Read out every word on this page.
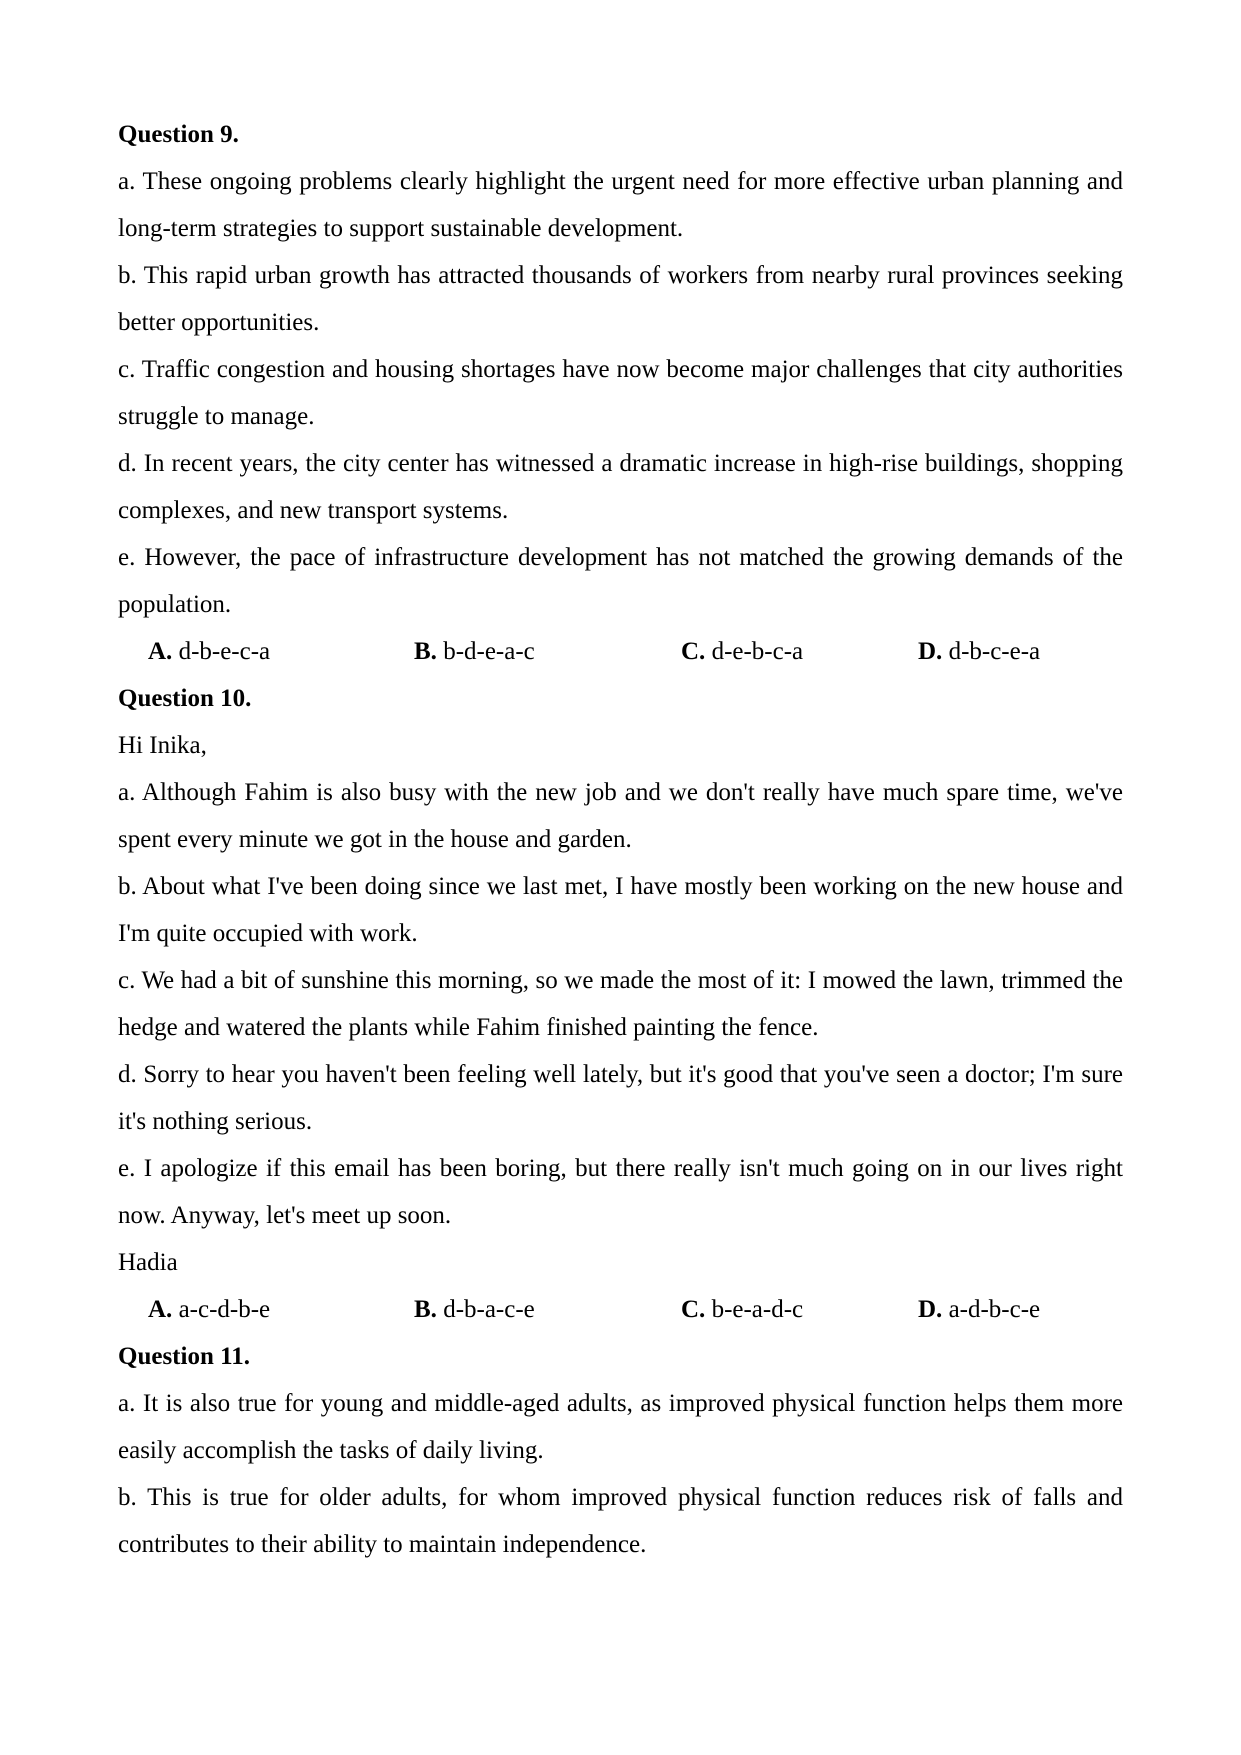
Question 9.
a. These ongoing problems clearly highlight the urgent need for more effective urban planning and long-term strategies to support sustainable development.
b. This rapid urban growth has attracted thousands of workers from nearby rural provinces seeking better opportunities.
c. Traffic congestion and housing shortages have now become major challenges that city authorities struggle to manage.
d. In recent years, the city center has witnessed a dramatic increase in high-rise buildings, shopping complexes, and new transport systems.
e. However, the pace of infrastructure development has not matched the growing demands of the population.
A. d-b-e-c-a	B. b-d-e-a-c	C. d-e-b-c-a	D. d-b-c-e-a
Question 10.
Hi Inika,
a. Although Fahim is also busy with the new job and we don't really have much spare time, we've spent every minute we got in the house and garden.
b. About what I've been doing since we last met, I have mostly been working on the new house and I'm quite occupied with work.
c. We had a bit of sunshine this morning, so we made the most of it: I mowed the lawn, trimmed the hedge and watered the plants while Fahim finished painting the fence.
d. Sorry to hear you haven't been feeling well lately, but it's good that you've seen a doctor; I'm sure it's nothing serious.
e. I apologize if this email has been boring, but there really isn't much going on in our lives right now. Anyway, let's meet up soon.
Hadia
A. a-c-d-b-e	B. d-b-a-c-e	C. b-e-a-d-c	D. a-d-b-c-e
Question 11.
a. It is also true for young and middle-aged adults, as improved physical function helps them more easily accomplish the tasks of daily living.
b. This is true for older adults, for whom improved physical function reduces risk of falls and contributes to their ability to maintain independence.
